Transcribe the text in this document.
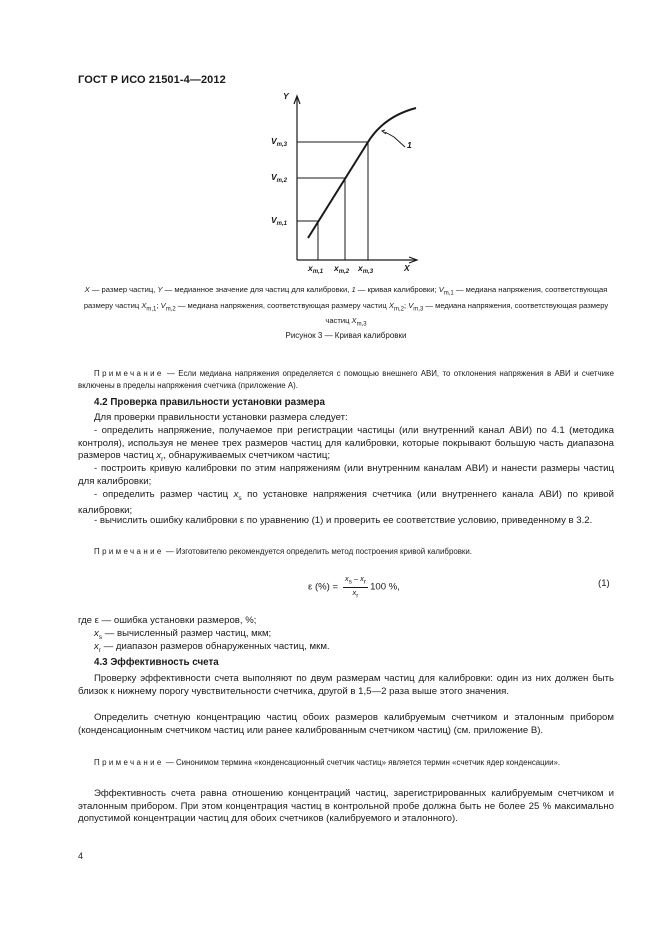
ГОСТ Р ИСО 21501-4—2012
Y
X
1
$V_{m,3}$
$V_{m,2}$
$V_{m,1}$
$x_{m,1}$ $x_{m,2}$ $x_{m,3}$
X — размер частиц, Y — медианное значение для частиц для калибровки, 1 — кривая калибровки; $V_{m,1}$ — медиана напряжения, соответствующая размеру частиц $X_{m,1}$; $V_{m,2}$ — медиана напряжения, соответствующая размеру частиц $X_{m,2}$; $V_{m,3}$ — медиана напряжения, соответствующая размеру частиц $X_{m,3}$
Рисунок 3 — Кривая калибровки
Примечание — Если медиана напряжения определяется с помощью внешнего АВИ, то отклонения напряжения в АВИ и счетчике включены в пределы напряжения счетчика (приложение А).
4.2 Проверка правильности установки размера
Для проверки правильности установки размера следует:
- определить напряжение, получаемое при регистрации частицы (или внутренний канал АВИ) по 4.1 (методика контроля), используя не менее трех размеров частиц для калибровки, которые покрывают большую часть диапазона размеров частиц $x_r$, обнаруживаемых счетчиком частиц;
- построить кривую калибровки по этим напряжениям (или внутренним каналам АВИ) и нанести размеры частиц для калибровки;
- определить размер частиц $x_s$ по установке напряжения счетчика (или внутреннего канала АВИ) по кривой калибровки;
- вычислить ошибку калибровки ε по уравнению (1) и проверить ее соответствие условию, приведенному в 3.2.
Примечание — Изготовителю рекомендуется определить метод построения кривой калибровки.
ε (%) = $\frac{x_s ‒ x_r}{x_r} 100$ %,	(1)
где ε — ошибка установки размеров, %;
$x_s$ — вычисленный размер частиц, мкм;
$x_r$ — диапазон размеров обнаруженных частиц, мкм.
4.3 Эффективность счета
Проверку эффективности счета выполняют по двум размерам частиц для калибровки: один из них должен быть близок к нижнему порогу чувствительности счетчика, другой в 1,5—2 раза выше этого значения.
Определить счетную концентрацию частиц обоих размеров калибруемым счетчиком и эталонным прибором (конденсационным счетчиком частиц или ранее калиброванным счетчиком частиц) (см. приложение В).
Примечание — Синонимом термина «конденсационный счетчик частиц» является термин «счетчик ядер конденсации».
Эффективность счета равна отношению концентраций частиц, зарегистрированных калибруемым счетчиком и эталонным прибором. При этом концентрация частиц в контрольной пробе должна быть не более 25 % максимально допустимой концентрации частиц для обоих счетчиков (калибруемого и эталонного).
4
